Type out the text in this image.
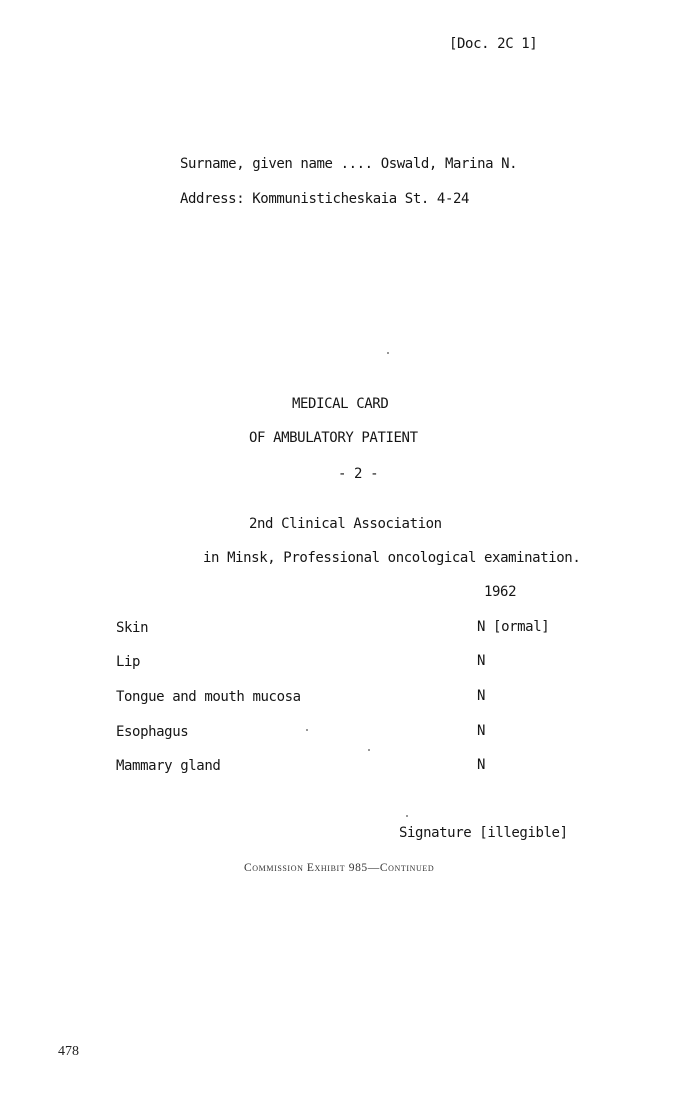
[Doc. 2C 1]
Surname, given name .... Oswald, Marina N.
Address: Kommunisticheskaia St. 4-24
MEDICAL CARD
OF AMBULATORY PATIENT
- 2 -
2nd Clinical Association
in Minsk, Professional oncological examination.
1962
Skin	N [ormal]
Lip	N
Tongue and mouth mucosa	N
Esophagus	N
Mammary gland	N
Signature [illegible]
Commission Exhibit 985—Continued
478
